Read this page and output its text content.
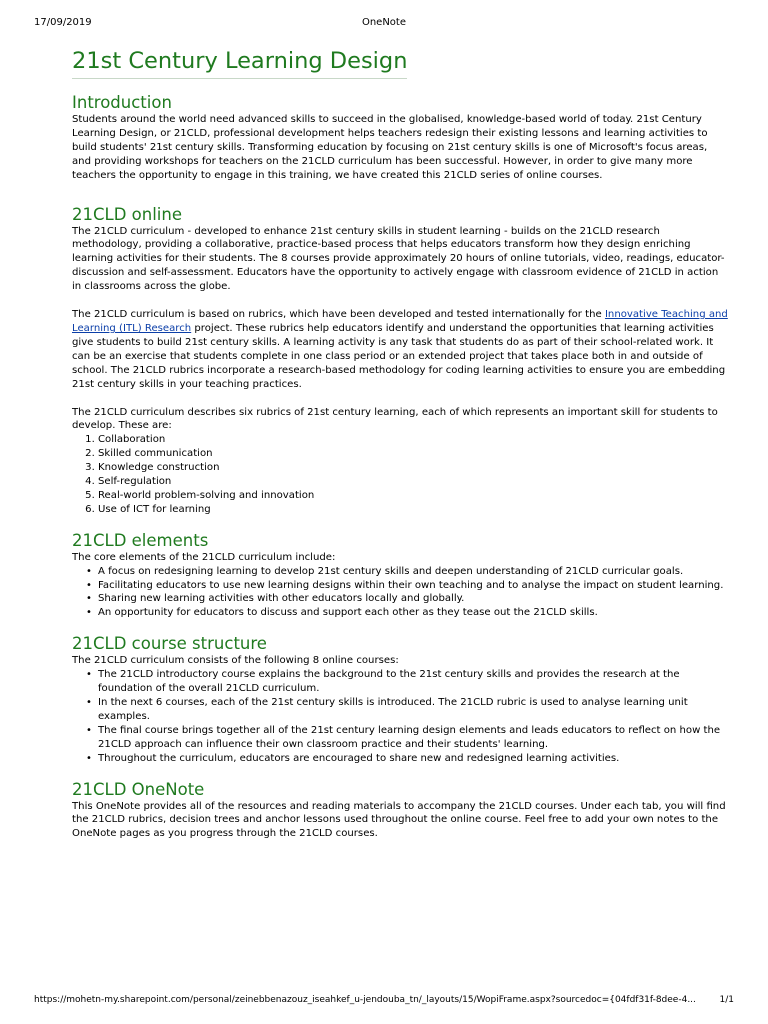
17/09/2019	OneNote
21st Century Learning Design
Introduction

Students around the world need advanced skills to succeed in the globalised, knowledge-based world of today. 21st Century Learning Design, or 21CLD, professional development helps teachers redesign their existing lessons and learning activities to build students' 21st century skills. Transforming education by focusing on 21st century skills is one of Microsoft's focus areas, and providing workshops for teachers on the 21CLD curriculum has been successful. However, in order to give many more teachers the opportunity to engage in this training, we have created this 21CLD series of online courses.

21CLD online

The 21CLD curriculum - developed to enhance 21st century skills in student learning - builds on the 21CLD research methodology, providing a collaborative, practice-based process that helps educators transform how they design enriching learning activities for their students. The 8 courses provide approximately 20 hours of online tutorials, video, readings, educator-discussion and self-assessment. Educators have the opportunity to actively engage with classroom evidence of 21CLD in action in classrooms across the globe.

The 21CLD curriculum is based on rubrics, which have been developed and tested internationally for the Innovative Teaching and Learning (ITL) Research project. These rubrics help educators identify and understand the opportunities that learning activities give students to build 21st century skills. A learning activity is any task that students do as part of their school-related work. It can be an exercise that students complete in one class period or an extended project that takes place both in and outside of school. The 21CLD rubrics incorporate a research-based methodology for coding learning activities to ensure you are embedding 21st century skills in your teaching practices.

The 21CLD curriculum describes six rubrics of 21st century learning, each of which represents an important skill for students to develop. These are:

1. Collaboration
2. Skilled communication
3. Knowledge construction
4. Self-regulation
5. Real-world problem-solving and innovation
6. Use of ICT for learning
21CLD elements

The core elements of the 21CLD curriculum include:

• A focus on redesigning learning to develop 21st century skills and deepen understanding of 21CLD curricular goals.
• Facilitating educators to use new learning designs within their own teaching and to analyse the impact on student learning.
• Sharing new learning activities with other educators locally and globally.
• An opportunity for educators to discuss and support each other as they tease out the 21CLD skills.
21CLD course structure

The 21CLD curriculum consists of the following 8 online courses:

• The 21CLD introductory course explains the background to the 21st century skills and provides the research at the foundation of the overall 21CLD curriculum.
• In the next 6 courses, each of the 21st century skills is introduced. The 21CLD rubric is used to analyse learning unit examples.
• The final course brings together all of the 21st century learning design elements and leads educators to reflect on how the 21CLD approach can influence their own classroom practice and their students' learning.
• Throughout the curriculum, educators are encouraged to share new and redesigned learning activities.
21CLD OneNote

This OneNote provides all of the resources and reading materials to accompany the 21CLD courses. Under each tab, you will find the 21CLD rubrics, decision trees and anchor lessons used throughout the online course. Feel free to add your own notes to the OneNote pages as you progress through the 21CLD courses.

https://mohetn-my.sharepoint.com/personal/zeinebbenazouz_iseahkef_u-jendouba_tn/_layouts/15/WopiFrame.aspx?sourcedoc={04fdf31f-8dee-4...	1/1
